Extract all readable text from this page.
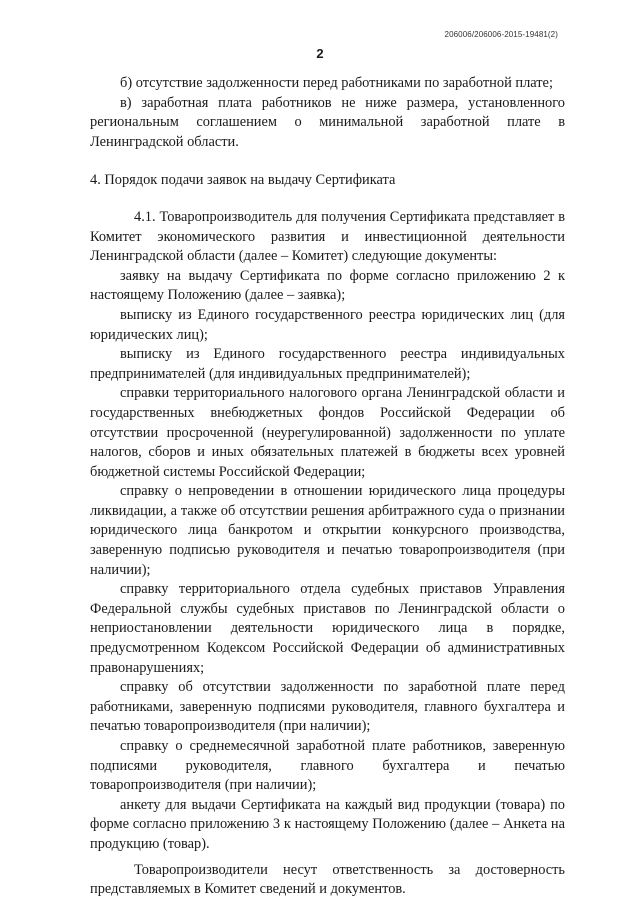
206006/206006-2015-19481(2)
2

б) отсутствие задолженности перед работниками по заработной плате;

в) заработная плата работников не ниже размера, установленного региональным соглашением о минимальной заработной плате в Ленинградской области.

4. Порядок подачи заявок на выдачу Сертификата

4.1. Товаропроизводитель для получения Сертификата представляет в Комитет экономического развития и инвестиционной деятельности Ленинградской области (далее – Комитет) следующие документы:

заявку на выдачу Сертификата по форме согласно приложению 2 к настоящему Положению (далее – заявка);

выписку из Единого государственного реестра юридических лиц (для юридических лиц);

выписку из Единого государственного реестра индивидуальных предпринимателей (для индивидуальных предпринимателей);

справки территориального налогового органа Ленинградской области и государственных внебюджетных фондов Российской Федерации об отсутствии просроченной (неурегулированной) задолженности по уплате налогов, сборов и иных обязательных платежей в бюджеты всех уровней бюджетной системы Российской Федерации;

справку о непроведении в отношении юридического лица процедуры ликвидации, а также об отсутствии решения арбитражного суда о признании юридического лица банкротом и открытии конкурсного производства, заверенную подписью руководителя и печатью товаропроизводителя (при наличии);

справку территориального отдела судебных приставов Управления Федеральной службы судебных приставов по Ленинградской области о неприостановлении деятельности юридического лица в порядке, предусмотренном Кодексом Российской Федерации об административных правонарушениях;

справку об отсутствии задолженности по заработной плате перед работниками, заверенную подписями руководителя, главного бухгалтера и печатью товаропроизводителя (при наличии);

справку о среднемесячной заработной плате работников, заверенную подписями руководителя, главного бухгалтера и печатью товаропроизводителя (при наличии);

анкету для выдачи Сертификата на каждый вид продукции (товара) по форме согласно приложению 3 к настоящему Положению (далее – Анкета на продукцию (товар).

Товаропроизводители несут ответственность за достоверность представляемых в Комитет сведений и документов.
